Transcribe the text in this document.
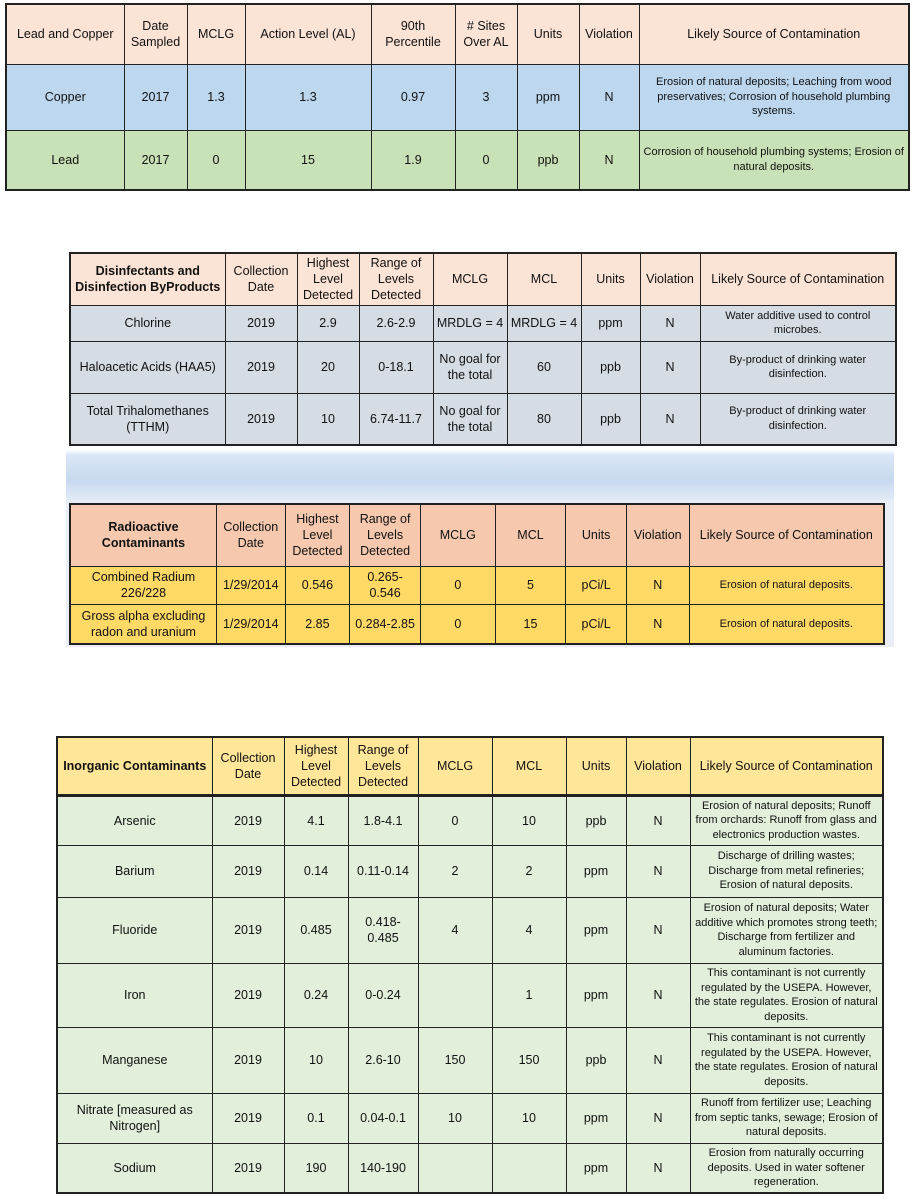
Lead and Copper	Date Sampled	MCLG	Action Level (AL)	90th Percentile	# Sites Over AL	Units	Violation	Likely Source of Contamination
Copper	2017	1.3	1.3	0.97	3	ppm	N	Erosion of natural deposits; Leaching from wood preservatives; Corrosion of household plumbing systems.
Lead	2017	0	15	1.9	0	ppb	N	Corrosion of household plumbing systems; Erosion of natural deposits.
Disinfectants and Disinfection ByProducts	Collection Date	Highest Level Detected	Range of Levels Detected	MCLG	MCL	Units	Violation	Likely Source of Contamination
Chlorine	2019	2.9	2.6-2.9	MRDLG = 4	MRDLG = 4	ppm	N	Water additive used to control microbes.
Haloacetic Acids (HAA5)	2019	20	0-18.1	No goal for the total	60	ppb	N	By-product of drinking water disinfection.
Total Trihalomethanes (TTHM)	2019	10	6.74-11.7	No goal for the total	80	ppb	N	By-product of drinking water disinfection.
Radioactive Contaminants	Collection Date	Highest Level Detected	Range of Levels Detected	MCLG	MCL	Units	Violation	Likely Source of Contamination
Combined Radium 226/228	1/29/2014	0.546	0.265-0.546	0	5	pCi/L	N	Erosion of natural deposits.
Gross alpha excluding radon and uranium	1/29/2014	2.85	0.284-2.85	0	15	pCi/L	N	Erosion of natural deposits.
Inorganic Contaminants	Collection Date	Highest Level Detected	Range of Levels Detected	MCLG	MCL	Units	Violation	Likely Source of Contamination
Arsenic	2019	4.1	1.8-4.1	0	10	ppb	N	Erosion of natural deposits; Runoff from orchards: Runoff from glass and electronics production wastes.
Barium	2019	0.14	0.11-0.14	2	2	ppm	N	Discharge of drilling wastes; Discharge from metal refineries; Erosion of natural deposits.
Fluoride	2019	0.485	0.418-0.485	4	4	ppm	N	Erosion of natural deposits; Water additive which promotes strong teeth; Discharge from fertilizer and aluminum factories.
Iron	2019	0.24	0-0.24		1	ppm	N	This contaminant is not currently regulated by the USEPA. However, the state regulates. Erosion of natural deposits.
Manganese	2019	10	2.6-10	150	150	ppb	N	This contaminant is not currently regulated by the USEPA. However, the state regulates. Erosion of natural deposits.
Nitrate [measured as Nitrogen]	2019	0.1	0.04-0.1	10	10	ppm	N	Runoff from fertilizer use; Leaching from septic tanks, sewage; Erosion of natural deposits.
Sodium	2019	190	140-190			ppm	N	Erosion from naturally occurring deposits. Used in water softener regeneration.
